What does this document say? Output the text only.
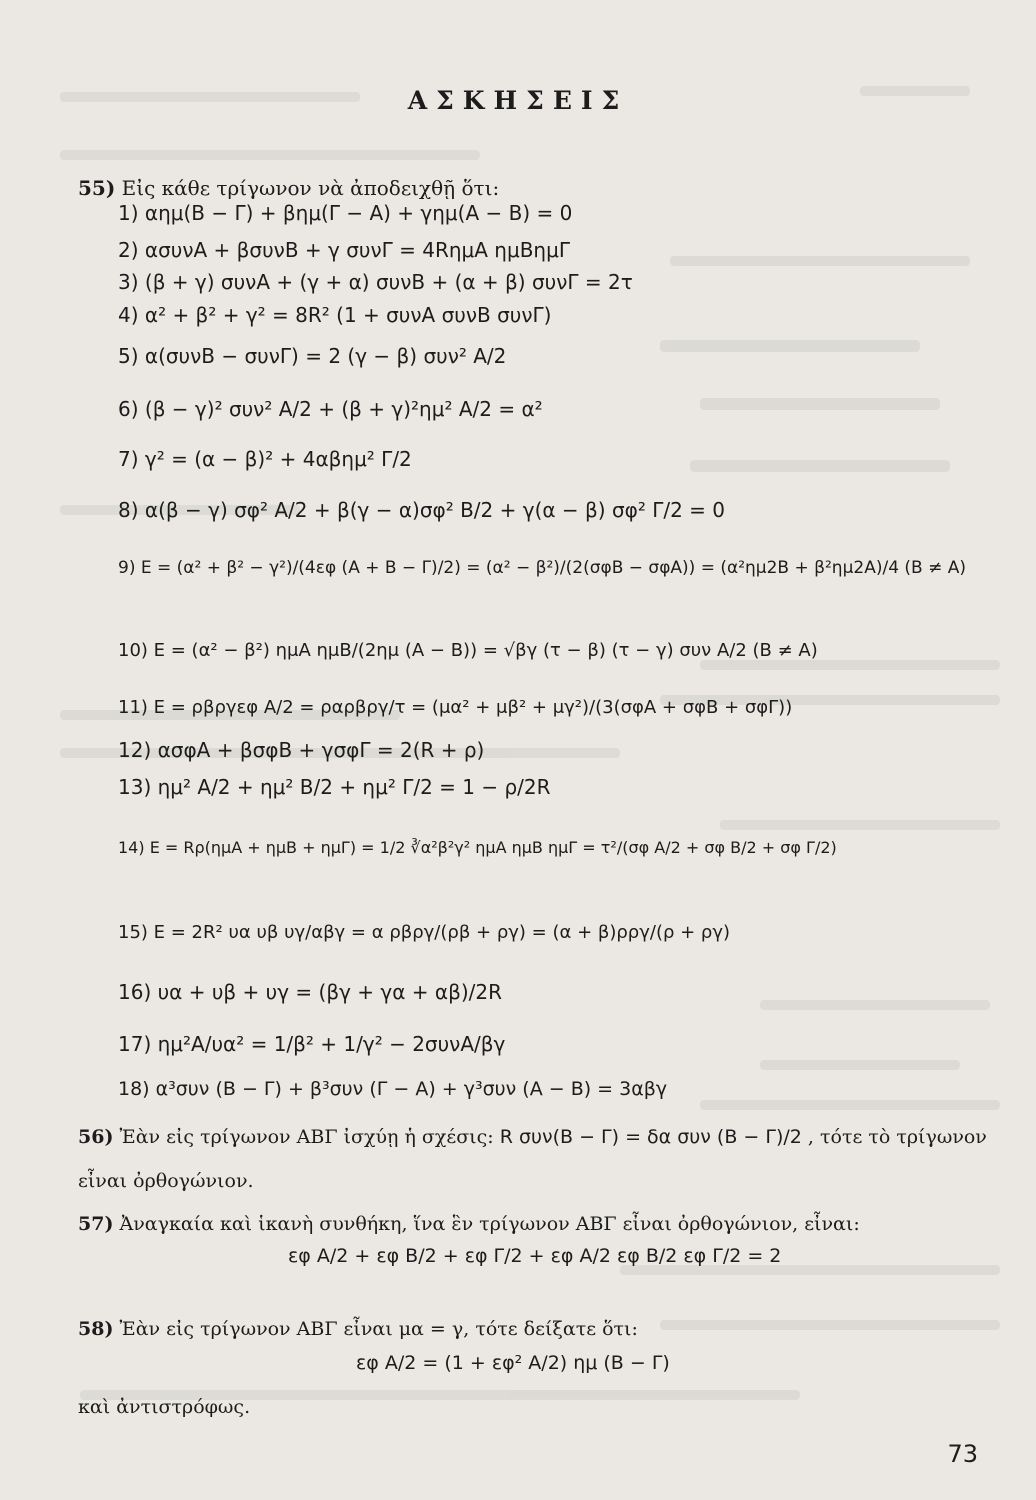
ΑΣΚΗΣΕΙΣ
55) Εἰς κάθε τρίγωνον νὰ ἀποδειχθῇ ὅτι:
1) αημ(Β − Γ) + βημ(Γ − Α) + γημ(Α − Β) = 0
2) ασυνΑ + βσυνΒ + γ συνΓ = 4RημΑ ημΒημΓ
3) (β + γ) συνΑ + (γ + α) συνΒ + (α + β) συνΓ = 2τ
4) α² + β² + γ² = 8R² (1 + συνΑ συνΒ συνΓ)
5) α(συνΒ − συνΓ) = 2 (γ − β) συν² A/2
6) (β − γ)² συν² A/2 + (β + γ)²ημ² A/2 = α²
7) γ² = (α − β)² + 4αβημ² Γ/2
8) α(β − γ) σφ² A/2 + β(γ − α)σφ² B/2 + γ(α − β) σφ² Γ/2 = 0
9) E = (α² + β² − γ²)/(4εφ (A + B − Γ)/2) = (α² − β²)/(2(σφΒ − σφΑ)) = (α²ημ2Β + β²ημ2Α)/4 (Β ≠ Α)
10) E = (α² − β²) ημΑ ημΒ/(2ημ (Α − Β)) = √βγ (τ − β) (τ − γ) συν A/2 (Β ≠ Α)
11) E = ρβργεφ A/2 = ραρβργ/τ = (μα² + μβ² + μγ²)/(3(σφΑ + σφΒ + σφΓ))
12) ασφΑ + βσφΒ + γσφΓ = 2(R + ρ)
13) ημ² A/2 + ημ² B/2 + ημ² Γ/2 = 1 − ρ/2R
14) E = Rρ(ημΑ + ημΒ + ημΓ) = 1/2 ∛α²β²γ² ημΑ ημΒ ημΓ = τ²/(σφ A/2 + σφ B/2 + σφ Γ/2)
15) E = 2R² υα υβ υγ/αβγ = α ρβργ/(ρβ + ργ) = (α + β)ρργ/(ρ + ργ)
16) υα + υβ + υγ = (βγ + γα + αβ)/2R
17) ημ²Α/υα² = 1/β² + 1/γ² − 2συνΑ/βγ
18) α³συν (Β − Γ) + β³συν (Γ − Α) + γ³συν (Α − Β) = 3αβγ
56) Ἐὰν εἰς τρίγωνον ΑΒΓ ἰσχύῃ ἡ σχέσις: R συν(Β − Γ) = δα συν (Β − Γ)/2 , τότε τὸ τρίγωνον
εἶναι ὀρθογώνιον.
57) Ἀναγκαία καὶ ἱκανὴ συνθήκη, ἵνα ἓν τρίγωνον ΑΒΓ εἶναι ὀρθογώνιον, εἶναι:
εφ A/2 + εφ B/2 + εφ Γ/2 + εφ A/2 εφ B/2 εφ Γ/2 = 2
58) Ἐὰν εἰς τρίγωνον ΑΒΓ εἶναι μα = γ, τότε δείξατε ὅτι:
εφ A/2 = (1 + εφ² A/2) ημ (Β − Γ)
καὶ ἀντιστρόφως.
73
